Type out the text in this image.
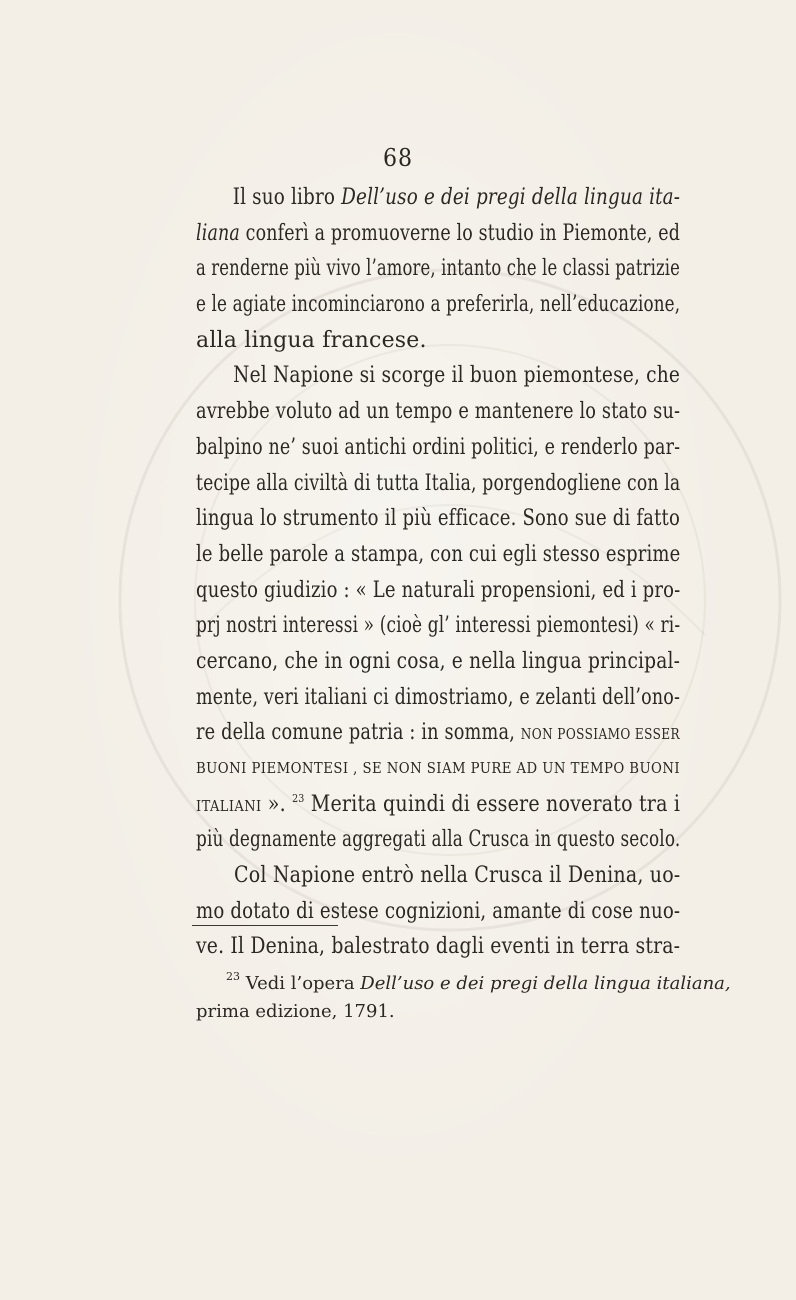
68
Il suo libro Dell’uso e dei pregi della lingua ita-
liana conferì a promuoverne lo studio in Piemonte, ed
a renderne più vivo l’amore, intanto che le classi patrizie
e le agiate incominciarono a preferirla, nell’educazione,
alla lingua francese.
Nel Napione si scorge il buon piemontese, che
avrebbe voluto ad un tempo e mantenere lo stato su-
balpino ne’ suoi antichi ordini politici, e renderlo par-
tecipe alla civiltà di tutta Italia, porgendogliene con la
lingua lo strumento il più efficace. Sono sue di fatto
le belle parole a stampa, con cui egli stesso esprime
questo giudizio : « Le naturali propensioni, ed i pro-
prj nostri interessi » (cioè gl’ interessi piemontesi) « ri-
cercano, che in ogni cosa, e nella lingua principal-
mente, veri italiani ci dimostriamo, e zelanti dell’ono-
re della comune patria : in somma, NON POSSIAMO ESSER
BUONI PIEMONTESI , SE NON SIAM PURE AD UN TEMPO BUONI
ITALIANI ». $^{23}$ Merita quindi di essere noverato tra i
più degnamente aggregati alla Crusca in questo secolo.
Col Napione entrò nella Crusca il Denina, uo-
mo dotato di estese cognizioni, amante di cose nuo-
ve. Il Denina, balestrato dagli eventi in terra stra-
$^{23}$ Vedi l’opera Dell’uso e dei pregi della lingua italiana,
prima edizione, 1791.
